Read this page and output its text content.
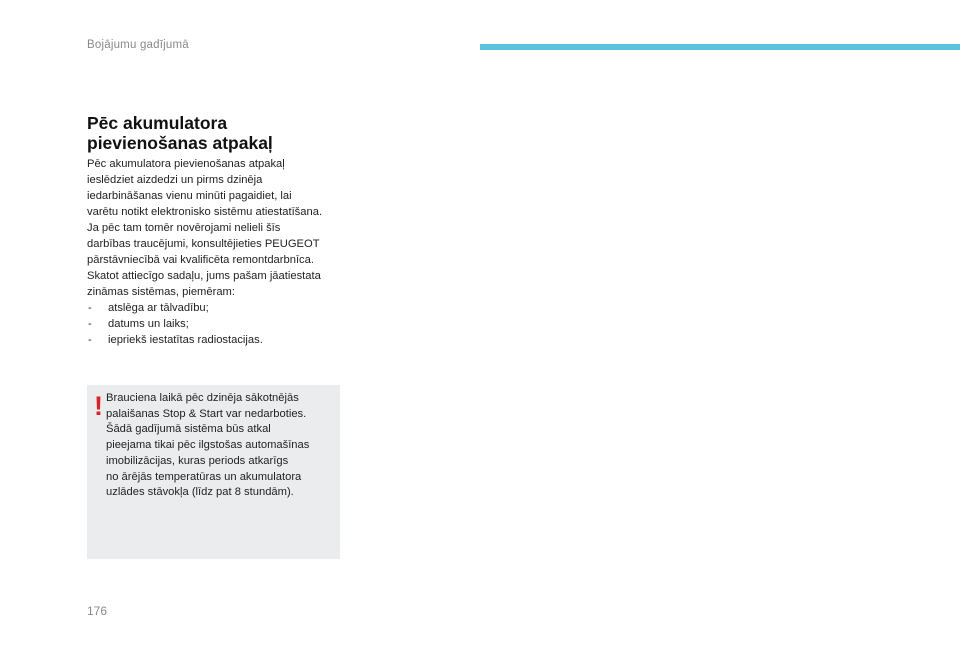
Bojājumu gadījumā
Pēc akumulatora
pievienošanas atpakaļ
Pēc akumulatora pievienošanas atpakaļ
ieslēdziet aizdedzi un pirms dzinēja
iedarbināšanas vienu minūti pagaidiet, lai
varētu notikt elektronisko sistēmu atiestatīšana.
Ja pēc tam tomēr novērojami nelieli šīs
darbības traucējumi, konsultējieties PEUGEOT
pārstāvniecībā vai kvalificēta remontdarbnīca.
Skatot attiecīgo sadaļu, jums pašam jāatiestata
zināmas sistēmas, piemēram:
- atslēga ar tālvadību;
- datums un laiks;
- iepriekš iestatītas radiostacijas.
! Brauciena laikā pēc dzinēja sākotnējās
palaišanas Stop & Start var nedarboties.
Šādā gadījumā sistēma būs atkal
pieejama tikai pēc ilgstošas automašīnas
imobilizācijas, kuras periods atkarīgs
no ārējās temperatūras un akumulatora
uzlādes stāvokļa (līdz pat 8 stundām).
176
